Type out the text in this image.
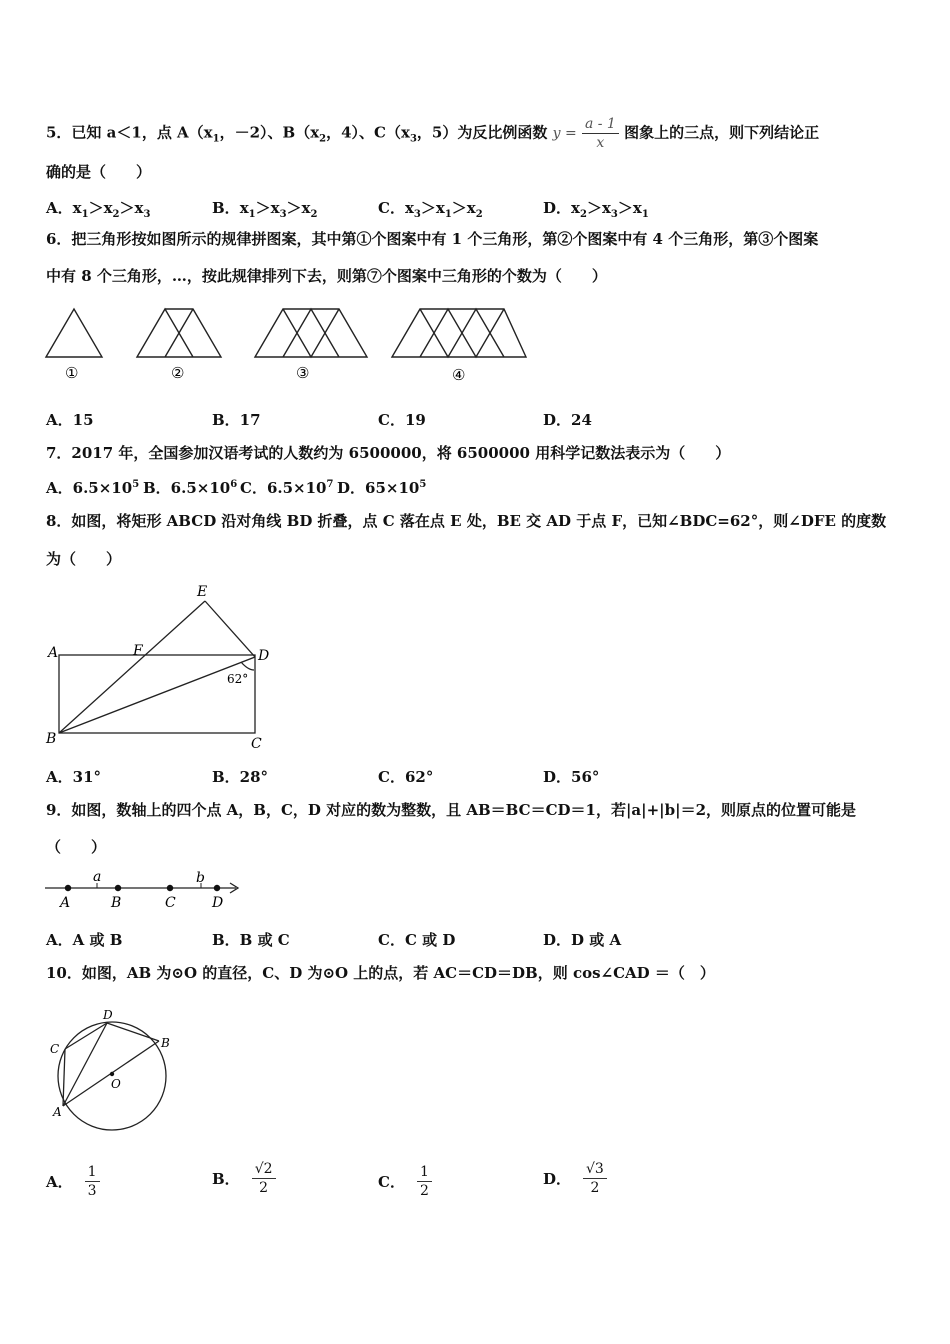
5．已知 a＜1，点 $A(x_1$，－2）、$B(x_2$，4）、$C(x_3$，5）为反比例函数 $y = \frac{a - 1}{x}$ 图象上的三点，则下列结论正
确的是（　　）
A．$x_1>x_2>x_3$	B．$x_1>x_3>x_2$	C．$x_3>x_1>x_2$	D．$x_2>x_3>x_1$
6．把三角形按如图所示的规律拼图案，其中第①个图案中有 1 个三角形，第②个图案中有 4 个三角形，第③个图案
中有 8 个三角形，…，按此规律排列下去，则第⑦个图案中三角形的个数为（　　）
①	②	③	④
A．15	B．17	C．19	D．24
7．2017 年，全国参加汉语考试的人数约为 6500000，将 6500000 用科学记数法表示为（　　）
A．$6.5\times 10^5$ B．$6.5\times 10^6$ C．$6.5\times 10^7$ D．$65\times 10^5$
8．如图，将矩形 ABCD 沿对角线 BD 折叠，点 C 落在点 E 处，BE 交 AD 于点 F，已知∠BDC=62°，则∠DFE 的度数
为（　　）
A
B	C
D
E
F
62°
A．31°	B．28°	C．62°	D．56°
9．如图，数轴上的四个点 A，B，C，D 对应的数为整数，且 AB＝BC＝CD＝1，若|a|+|b|＝2，则原点的位置可能是
（　　）
A	B	C	D
a	b
A．A 或 B	B．B 或 C	C．C 或 D	D．D 或 A
10．如图，AB 为⊙O 的直径，C、D 为⊙O 上的点，若 AC＝CD＝DB，则 cos∠CAD ＝（　）
A
B
C
D
O
A． $\frac{1}{3}$	B． $\frac{√2}{2}$	C． $\frac{1}{2}$	D． $\frac{√3}{2}$
